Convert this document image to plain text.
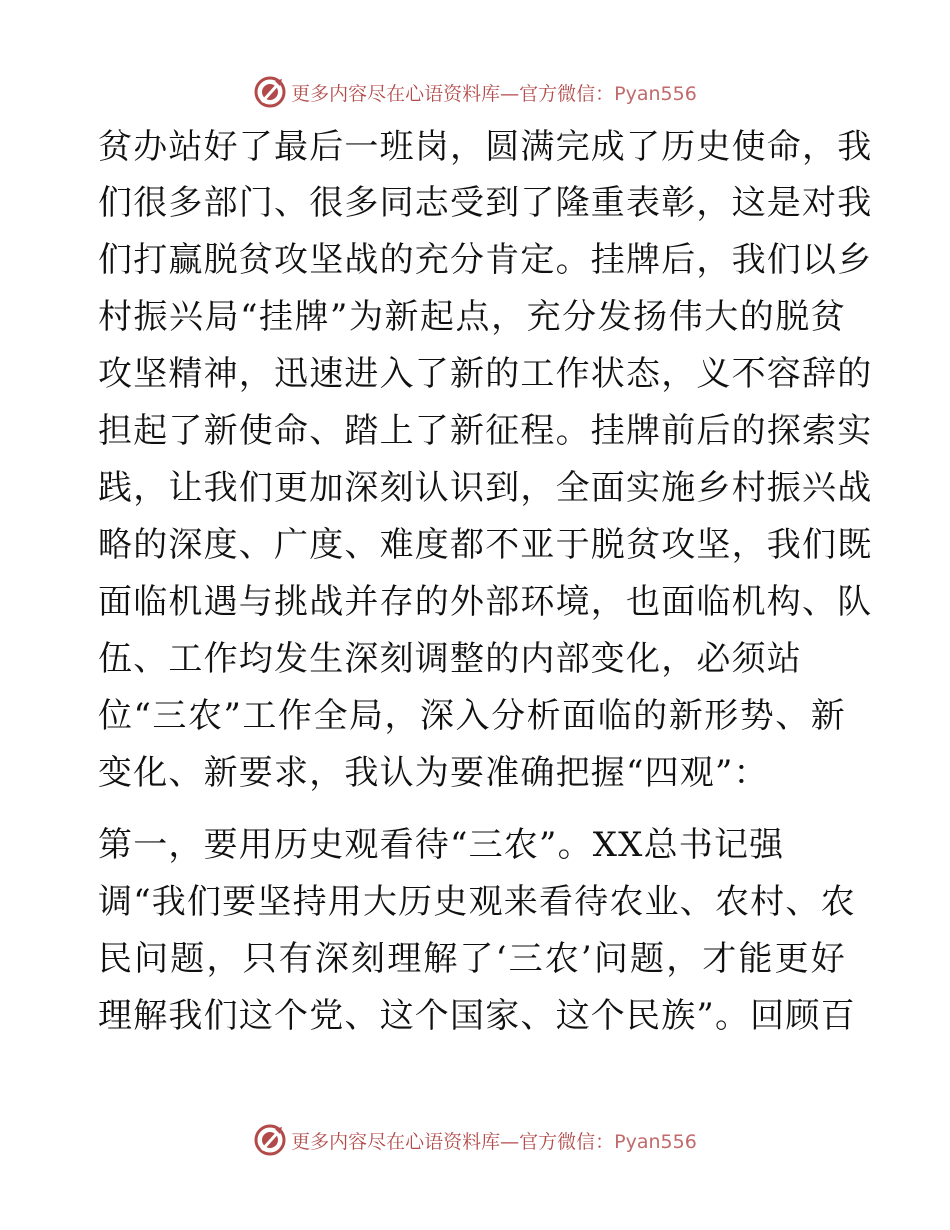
更多内容尽在心语资料库—官方微信：Pyan556
贫办站好了最后一班岗，圆满完成了历史使命，我
们很多部门、很多同志受到了隆重表彰，这是对我
们打赢脱贫攻坚战的充分肯定。挂牌后，我们以乡
村振兴局“挂牌”为新起点，充分发扬伟大的脱贫
攻坚精神，迅速进入了新的工作状态，义不容辞的
担起了新使命、踏上了新征程。挂牌前后的探索实
践，让我们更加深刻认识到，全面实施乡村振兴战
略的深度、广度、难度都不亚于脱贫攻坚，我们既
面临机遇与挑战并存的外部环境，也面临机构、队
伍、工作均发生深刻调整的内部变化，必须站
位“三农”工作全局，深入分析面临的新形势、新
变化、新要求，我认为要准确把握“四观”：
第一，要用历史观看待“三农”。XX总书记强
调“我们要坚持用大历史观来看待农业、农村、农
民问题，只有深刻理解了‘三农’问题，才能更好
理解我们这个党、这个国家、这个民族”。回顾百
更多内容尽在心语资料库—官方微信：Pyan556
